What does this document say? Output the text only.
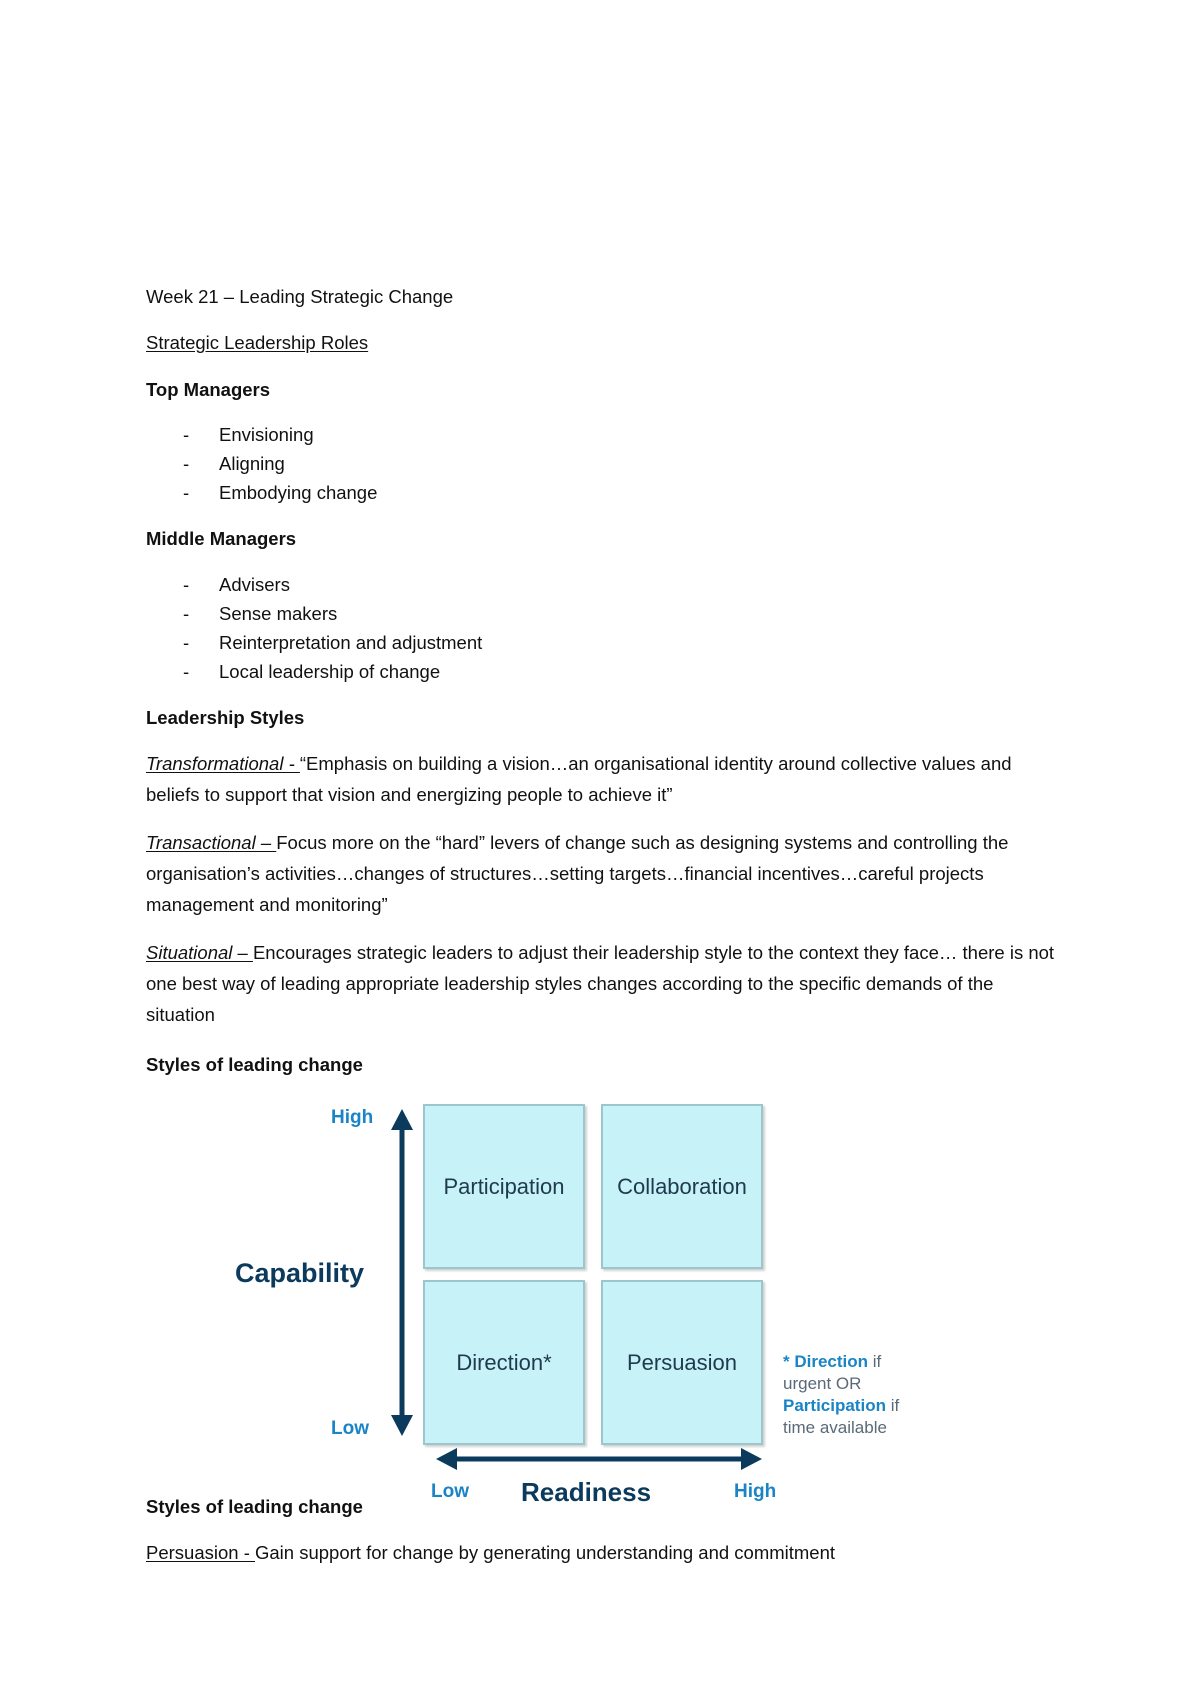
Week 21 – Leading Strategic Change
Strategic Leadership Roles
Top Managers
- Envisioning
- Aligning
- Embodying change
Middle Managers
- Advisers
- Sense makers
- Reinterpretation and adjustment
- Local leadership of change
Leadership Styles
Transformational - “Emphasis on building a vision…an organisational identity around collective values and beliefs to support that vision and energizing people to achieve it”
Transactional – Focus more on the “hard” levers of change such as designing systems and controlling the organisation’s activities…changes of structures…setting targets…financial incentives…careful projects management and monitoring”
Situational – Encourages strategic leaders to adjust their leadership style to the context they face… there is not one best way of leading appropriate leadership styles changes according to the specific demands of the situation
Styles of leading change
High
Low
Capability
Participation	Collaboration
Direction*	Persuasion	* Direction if
urgent OR
Participation if
time available
Low Readiness	High
Styles of leading change
Persuasion - Gain support for change by generating understanding and commitment
